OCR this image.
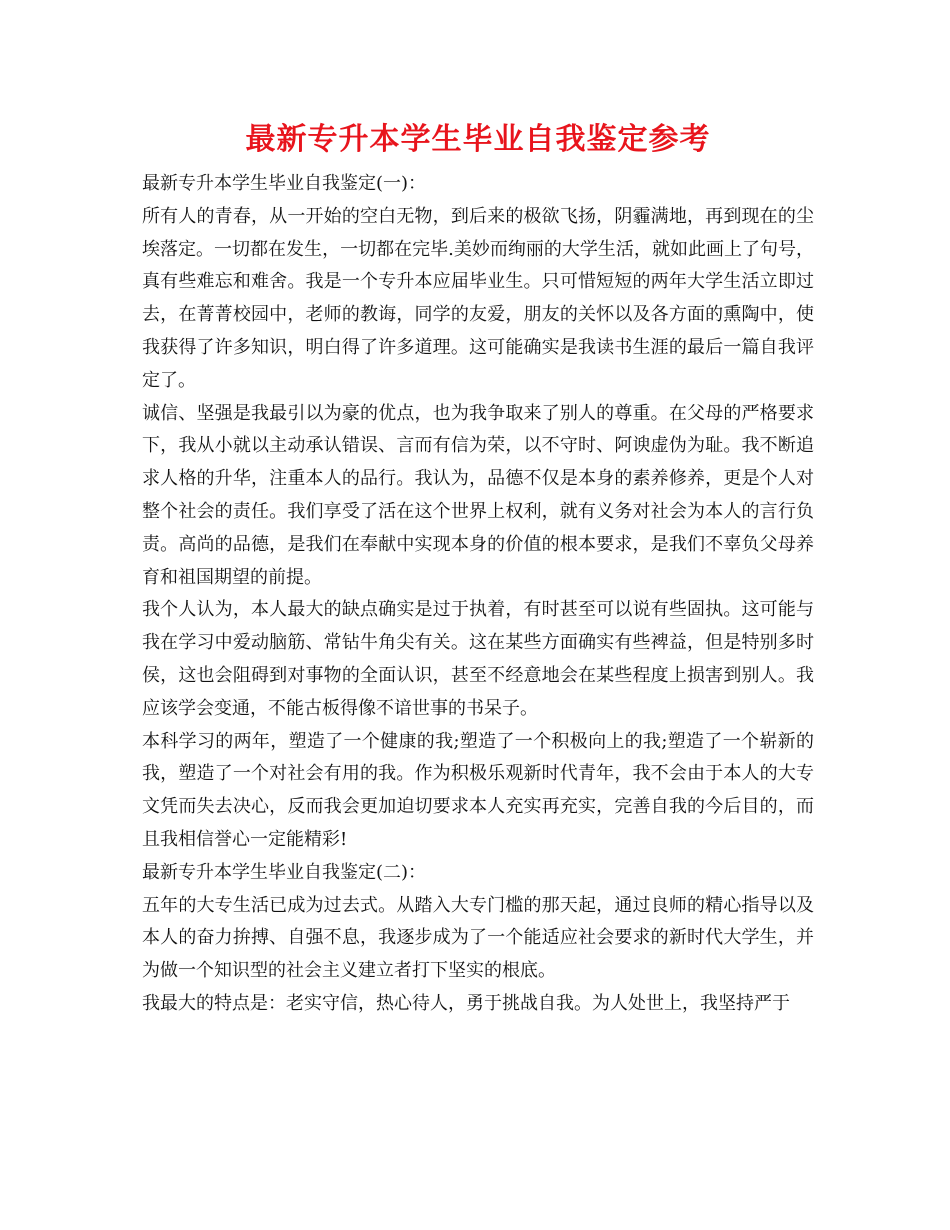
最新专升本学生毕业自我鉴定参考

最新专升本学生毕业自我鉴定(一)：

所有人的青春，从一开始的空白无物，到后来的极欲飞扬，阴霾满地，再到现在的尘埃落定。一切都在发生，一切都在完毕.美妙而绚丽的大学生活，就如此画上了句号，真有些难忘和难舍。我是一个专升本应届毕业生。只可惜短短的两年大学生活立即过去，在菁菁校园中，老师的教诲，同学的友爱，朋友的关怀以及各方面的熏陶中，使我获得了许多知识，明白得了许多道理。这可能确实是我读书生涯的最后一篇自我评定了。

诚信、坚强是我最引以为豪的优点，也为我争取来了别人的尊重。在父母的严格要求下，我从小就以主动承认错误、言而有信为荣，以不守时、阿谀虚伪为耻。我不断追求人格的升华，注重本人的品行。我认为，品德不仅是本身的素养修养，更是个人对整个社会的责任。我们享受了活在这个世界上权利，就有义务对社会为本人的言行负责。高尚的品德，是我们在奉献中实现本身的价值的根本要求，是我们不辜负父母养育和祖国期望的前提。

我个人认为，本人最大的缺点确实是过于执着，有时甚至可以说有些固执。这可能与我在学习中爱动脑筋、常钻牛角尖有关。这在某些方面确实有些裨益，但是特别多时侯，这也会阻碍到对事物的全面认识，甚至不经意地会在某些程度上损害到别人。我应该学会变通，不能古板得像不谙世事的书呆子。

本科学习的两年，塑造了一个健康的我;塑造了一个积极向上的我;塑造了一个崭新的我，塑造了一个对社会有用的我。作为积极乐观新时代青年，我不会由于本人的大专文凭而失去决心，反而我会更加迫切要求本人充实再充实，完善自我的今后目的，而且我相信誉心一定能精彩!

最新专升本学生毕业自我鉴定(二)：

五年的大专生活已成为过去式。从踏入大专门槛的那天起，通过良师的精心指导以及本人的奋力拚搏、自强不息，我逐步成为了一个能适应社会要求的新时代大学生，并为做一个知识型的社会主义建立者打下坚实的根底。

我最大的特点是：老实守信，热心待人，勇于挑战自我。为人处世上，我坚持严于
